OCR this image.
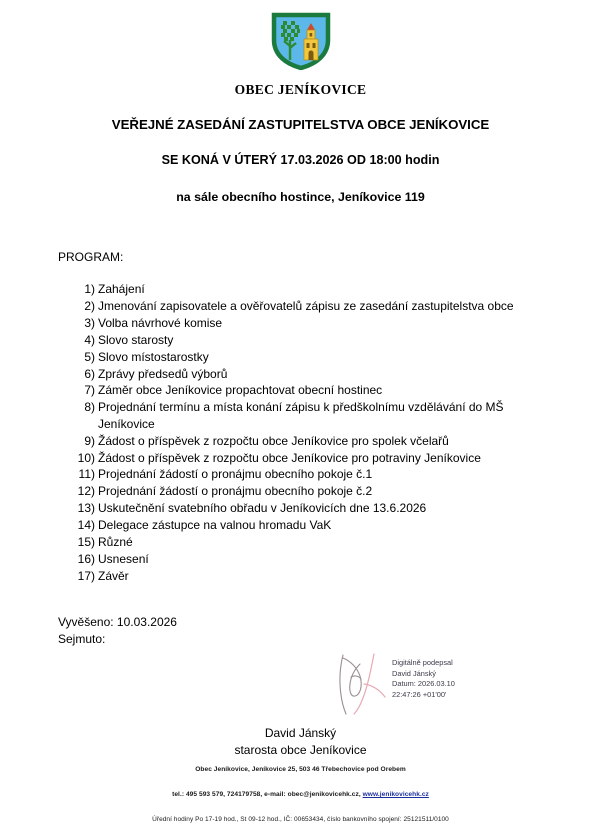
OBEC JENÍKOVICE
VEŘEJNÉ ZASEDÁNÍ ZASTUPITELSTVA OBCE JENÍKOVICE
SE KONÁ V ÚTERÝ 17.03.2026 OD 18:00 hodin
na sále obecního hostince, Jeníkovice 119
PROGRAM:
1) Zahájení
2) Jmenování zapisovatele a ověřovatelů zápisu ze zasedání zastupitelstva obce
3) Volba návrhové komise
4) Slovo starosty
5) Slovo místostarostky
6) Zprávy předsedů výborů
7) Záměr obce Jeníkovice propachtovat obecní hostinec
8) Projednání termínu a místa konání zápisu k předškolnímu vzdělávání do MŠ Jeníkovice
9) Žádost o příspěvek z rozpočtu obce Jeníkovice pro spolek včelařů
10) Žádost o příspěvek z rozpočtu obce Jeníkovice pro potraviny Jeníkovice
11) Projednání žádostí o pronájmu obecního pokoje č.1
12) Projednání žádostí o pronájmu obecního pokoje č.2
13) Uskutečnění svatebního obřadu v Jeníkovicích dne 13.6.2026
14) Delegace zástupce na valnou hromadu VaK
15) Různé
16) Usnesení
17) Závěr
Vyvěšeno: 10.03.2026
Sejmuto:
Digitálně podepsal
David Jánský
Datum: 2026.03.10
22:47:26 +01'00'
David Jánský
starosta obce Jeníkovice
Obec Jeníkovice, Jeníkovice 25, 503 46 Třebechovice pod Orebem
tel.: 495 593 579, 724179758, e-mail: obec@jenikovicehk.cz, www.jenikovicehk.cz
Úřední hodiny Po 17-19 hod., St 09-12 hod., IČ: 00653434, číslo bankovního spojení: 25121511/0100
